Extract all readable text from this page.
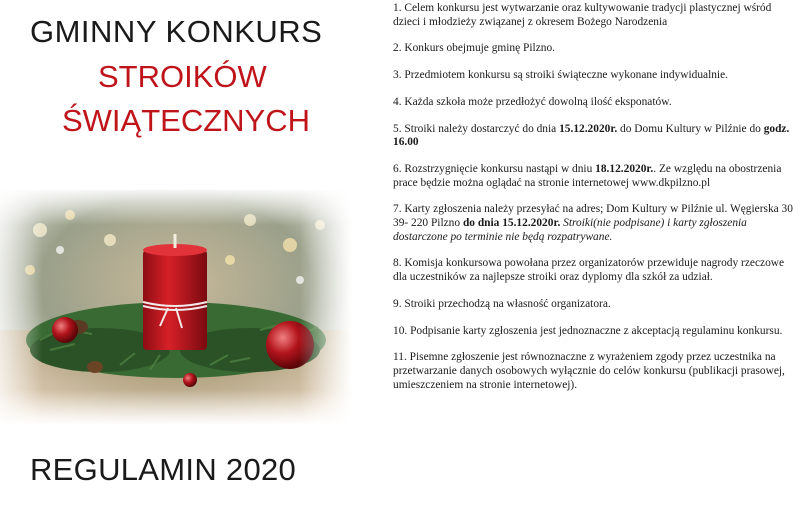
GMINNY KONKURS
STROIKÓW
ŚWIĄTECZNYCH
REGULAMIN 2020
1. Celem konkursu jest wytwarzanie oraz kultywowanie tradycji plastycznej wśród dzieci i młodzieży związanej z okresem Bożego Narodzenia
2. Konkurs obejmuje gminę Pilzno.
3. Przedmiotem konkursu są stroiki świąteczne wykonane indywidualnie.
4. Każda szkoła może przedłożyć dowolną ilość eksponatów.
5. Stroiki należy dostarczyć do dnia 15.12.2020r. do Domu Kultury w Pilźnie do godz. 16.00
6. Rozstrzygnięcie konkursu nastąpi w dniu 18.12.2020r.. Ze względu na obostrzenia prace będzie można oglądać na stronie internetowej www.dkpilzno.pl
7. Karty zgłoszenia należy przesyłać na adres; Dom Kultury w Pilźnie ul. Węgierska 30 39- 220 Pilzno do dnia 15.12.2020r. Stroiki(nie podpisane) i karty zgłoszenia dostarczone po terminie nie będą rozpatrywane.
8. Komisja konkursowa powołana przez organizatorów przewiduje nagrody rzeczowe dla uczestników za najlepsze stroiki oraz dyplomy dla szkół za udział.
9. Stroiki przechodzą na własność organizatora.
10. Podpisanie karty zgłoszenia jest jednoznaczne z akceptacją regulaminu konkursu.
11. Pisemne zgłoszenie jest równoznaczne z wyrażeniem zgody przez uczestnika na przetwarzanie danych osobowych wyłącznie do celów konkursu (publikacji prasowej, umieszczeniem na stronie internetowej).
